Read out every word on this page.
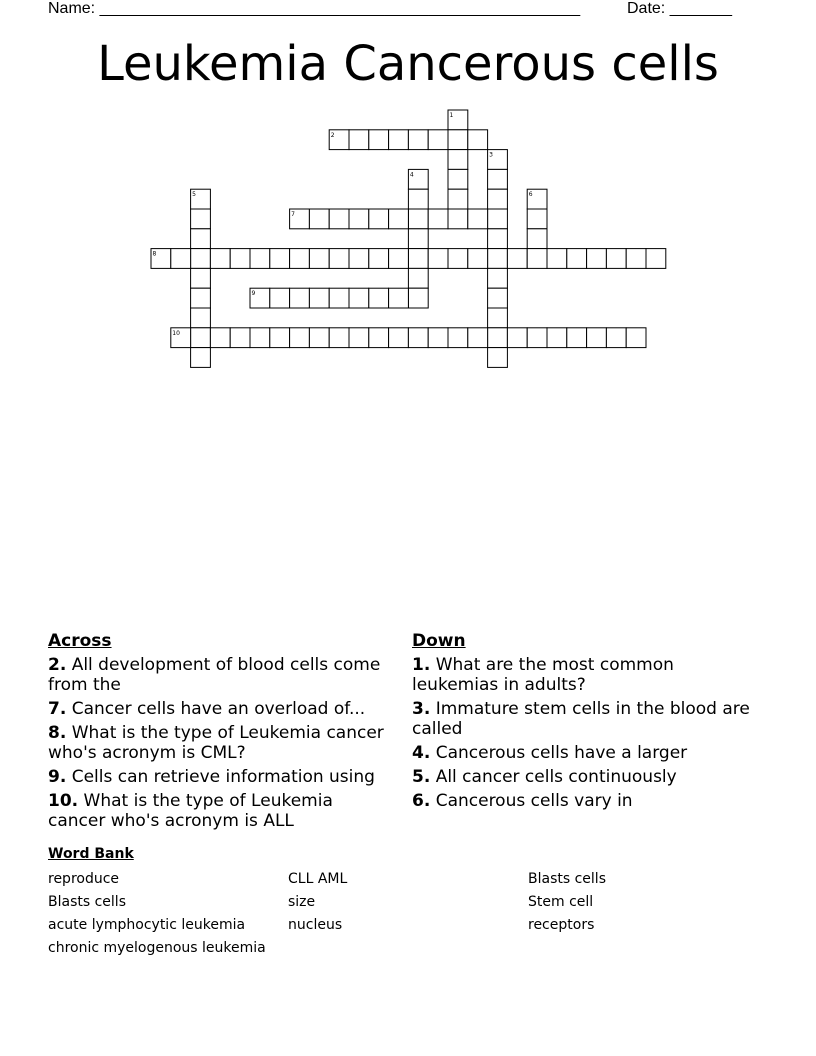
Name: ______________________________________________________	Date: _______
Leukemia Cancerous cells
1
2
3
4
5	6
7
8
9
10
Across
2. All development of blood cells come from the
7. Cancer cells have an overload of...
8. What is the type of Leukemia cancer who's acronym is CML?
9. Cells can retrieve information using
10. What is the type of Leukemia cancer who's acronym is ALL
Down
1. What are the most common leukemias in adults?
3. Immature stem cells in the blood are called
4. Cancerous cells have a larger
5. All cancer cells continuously
6. Cancerous cells vary in
Word Bank
reproduce
Blasts cells
acute lymphocytic leukemia
chronic myelogenous leukemia
CLL AML
size
nucleus
Blasts cells
Stem cell
receptors
